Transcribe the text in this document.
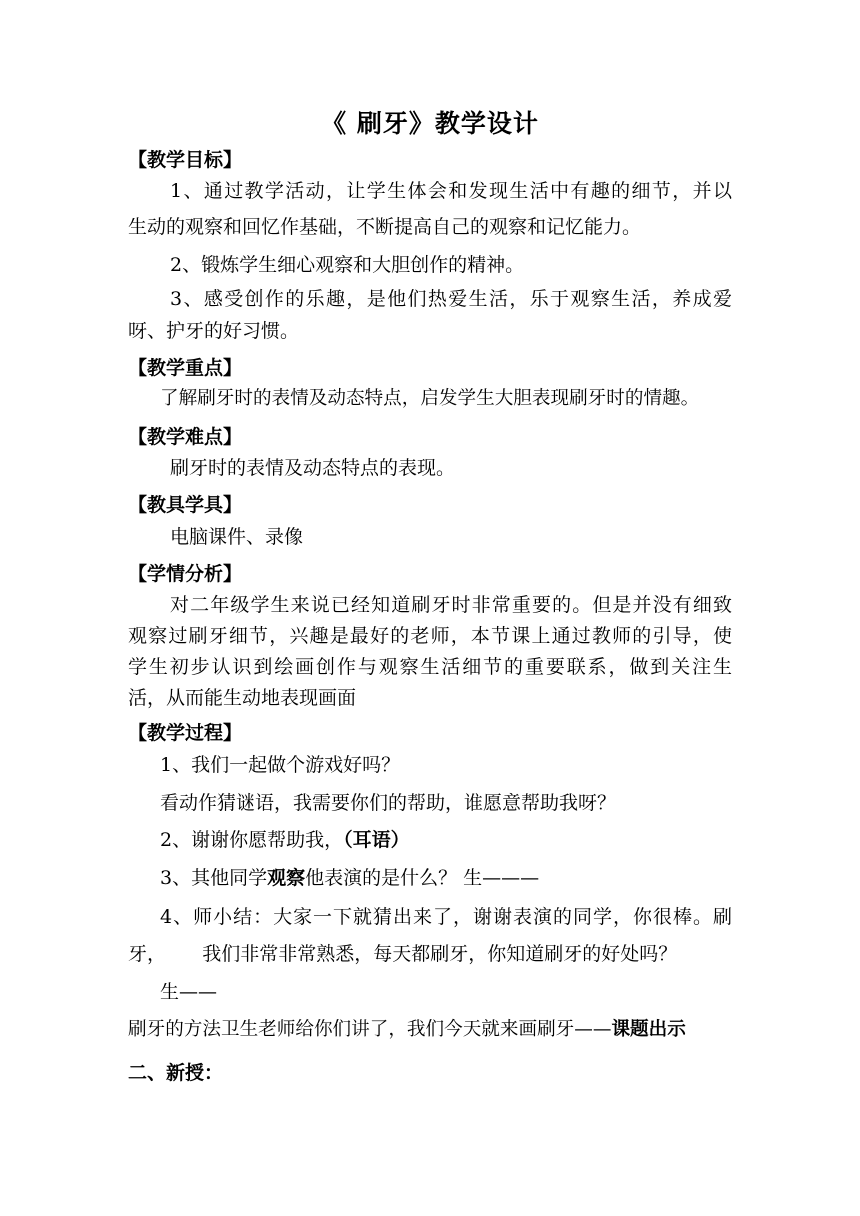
《 刷牙》教学设计
【教学目标】
1、通过教学活动，让学生体会和发现生活中有趣的细节，并以
生动的观察和回忆作基础，不断提高自己的观察和记忆能力。
2、锻炼学生细心观察和大胆创作的精神。
3、感受创作的乐趣，是他们热爱生活，乐于观察生活，养成爱
呀、护牙的好习惯。
【教学重点】
了解刷牙时的表情及动态特点，启发学生大胆表现刷牙时的情趣。
【教学难点】
刷牙时的表情及动态特点的表现。
【教具学具】
电脑课件、录像
【学情分析】
对二年级学生来说已经知道刷牙时非常重要的。但是并没有细致
观察过刷牙细节，兴趣是最好的老师，本节课上通过教师的引导，使
学生初步认识到绘画创作与观察生活细节的重要联系，做到关注生
活，从而能生动地表现画面
【教学过程】
1、我们一起做个游戏好吗？
看动作猜谜语，我需要你们的帮助，谁愿意帮助我呀？
2、谢谢你愿帮助我，（耳语）
3、其他同学观察他表演的是什么？ 生———
4、师小结：大家一下就猜出来了，谢谢表演的同学，你很棒。刷
牙，      我们非常非常熟悉，每天都刷牙，你知道刷牙的好处吗？
生——
刷牙的方法卫生老师给你们讲了，我们今天就来画刷牙——课题出示
二、新授：
